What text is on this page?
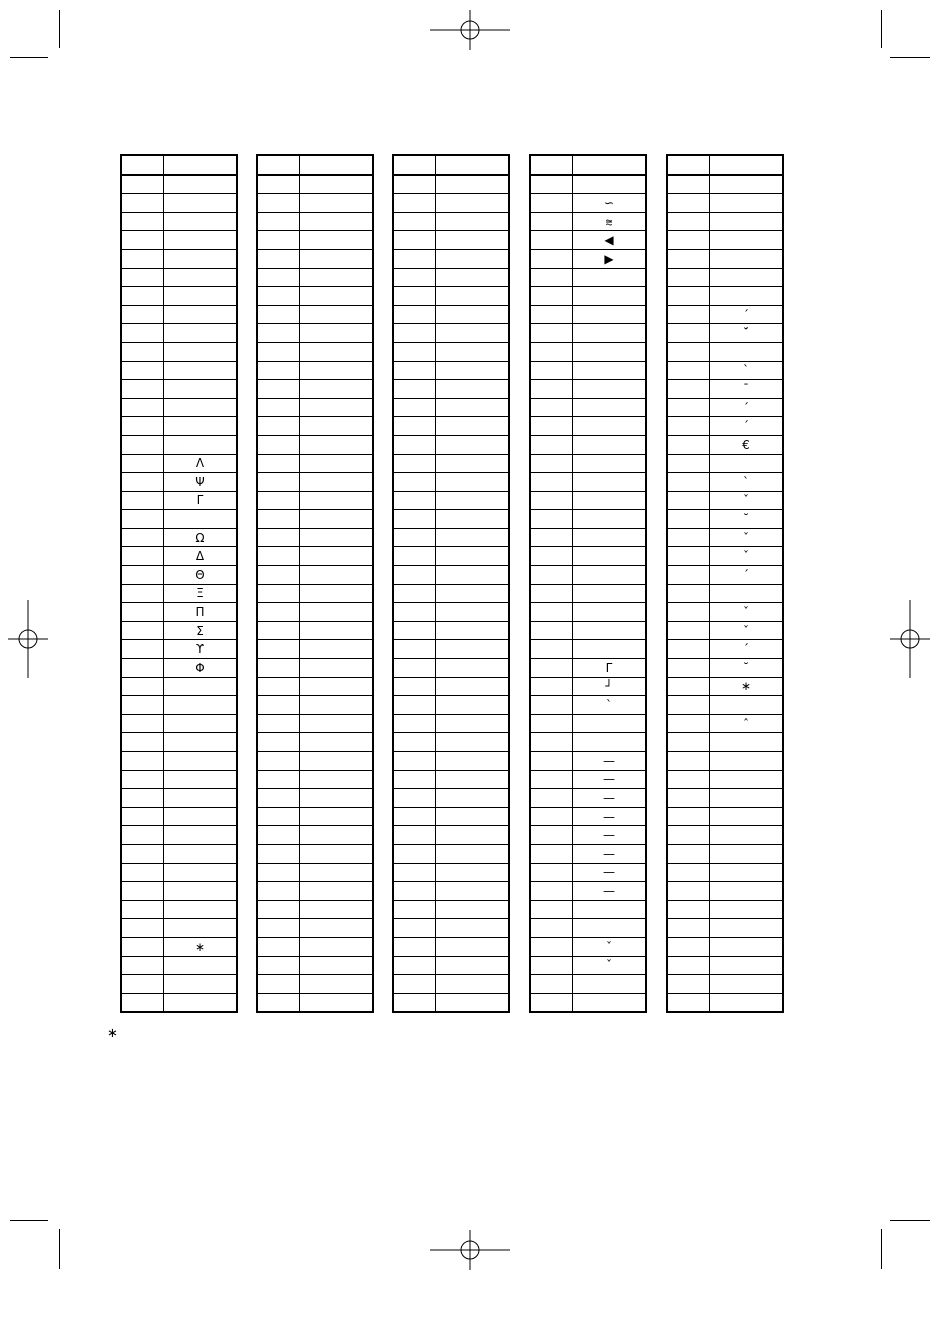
	Λ
	Ψ
	Γ

	Ω
	Δ
	Θ
	Ξ
	Π
	Σ
	ϒ
	Φ

	∗

	∽
	⩬
	◀
	▶

	Γ
	┘
	ˋ

	—
	—
	—
	—
	—
	—
	—
	—

	ˇ
	ˇ

	ˊ
	ˊ̆

	ˋ
	¯
	ˊ
	ˊ
	€

	ˋ
	ˇ
	˘
	ˇ
	ˇ
	ˊ

	ˇ
	ˇ
	ˊ
	˘
	∗

	ˆ

∗
